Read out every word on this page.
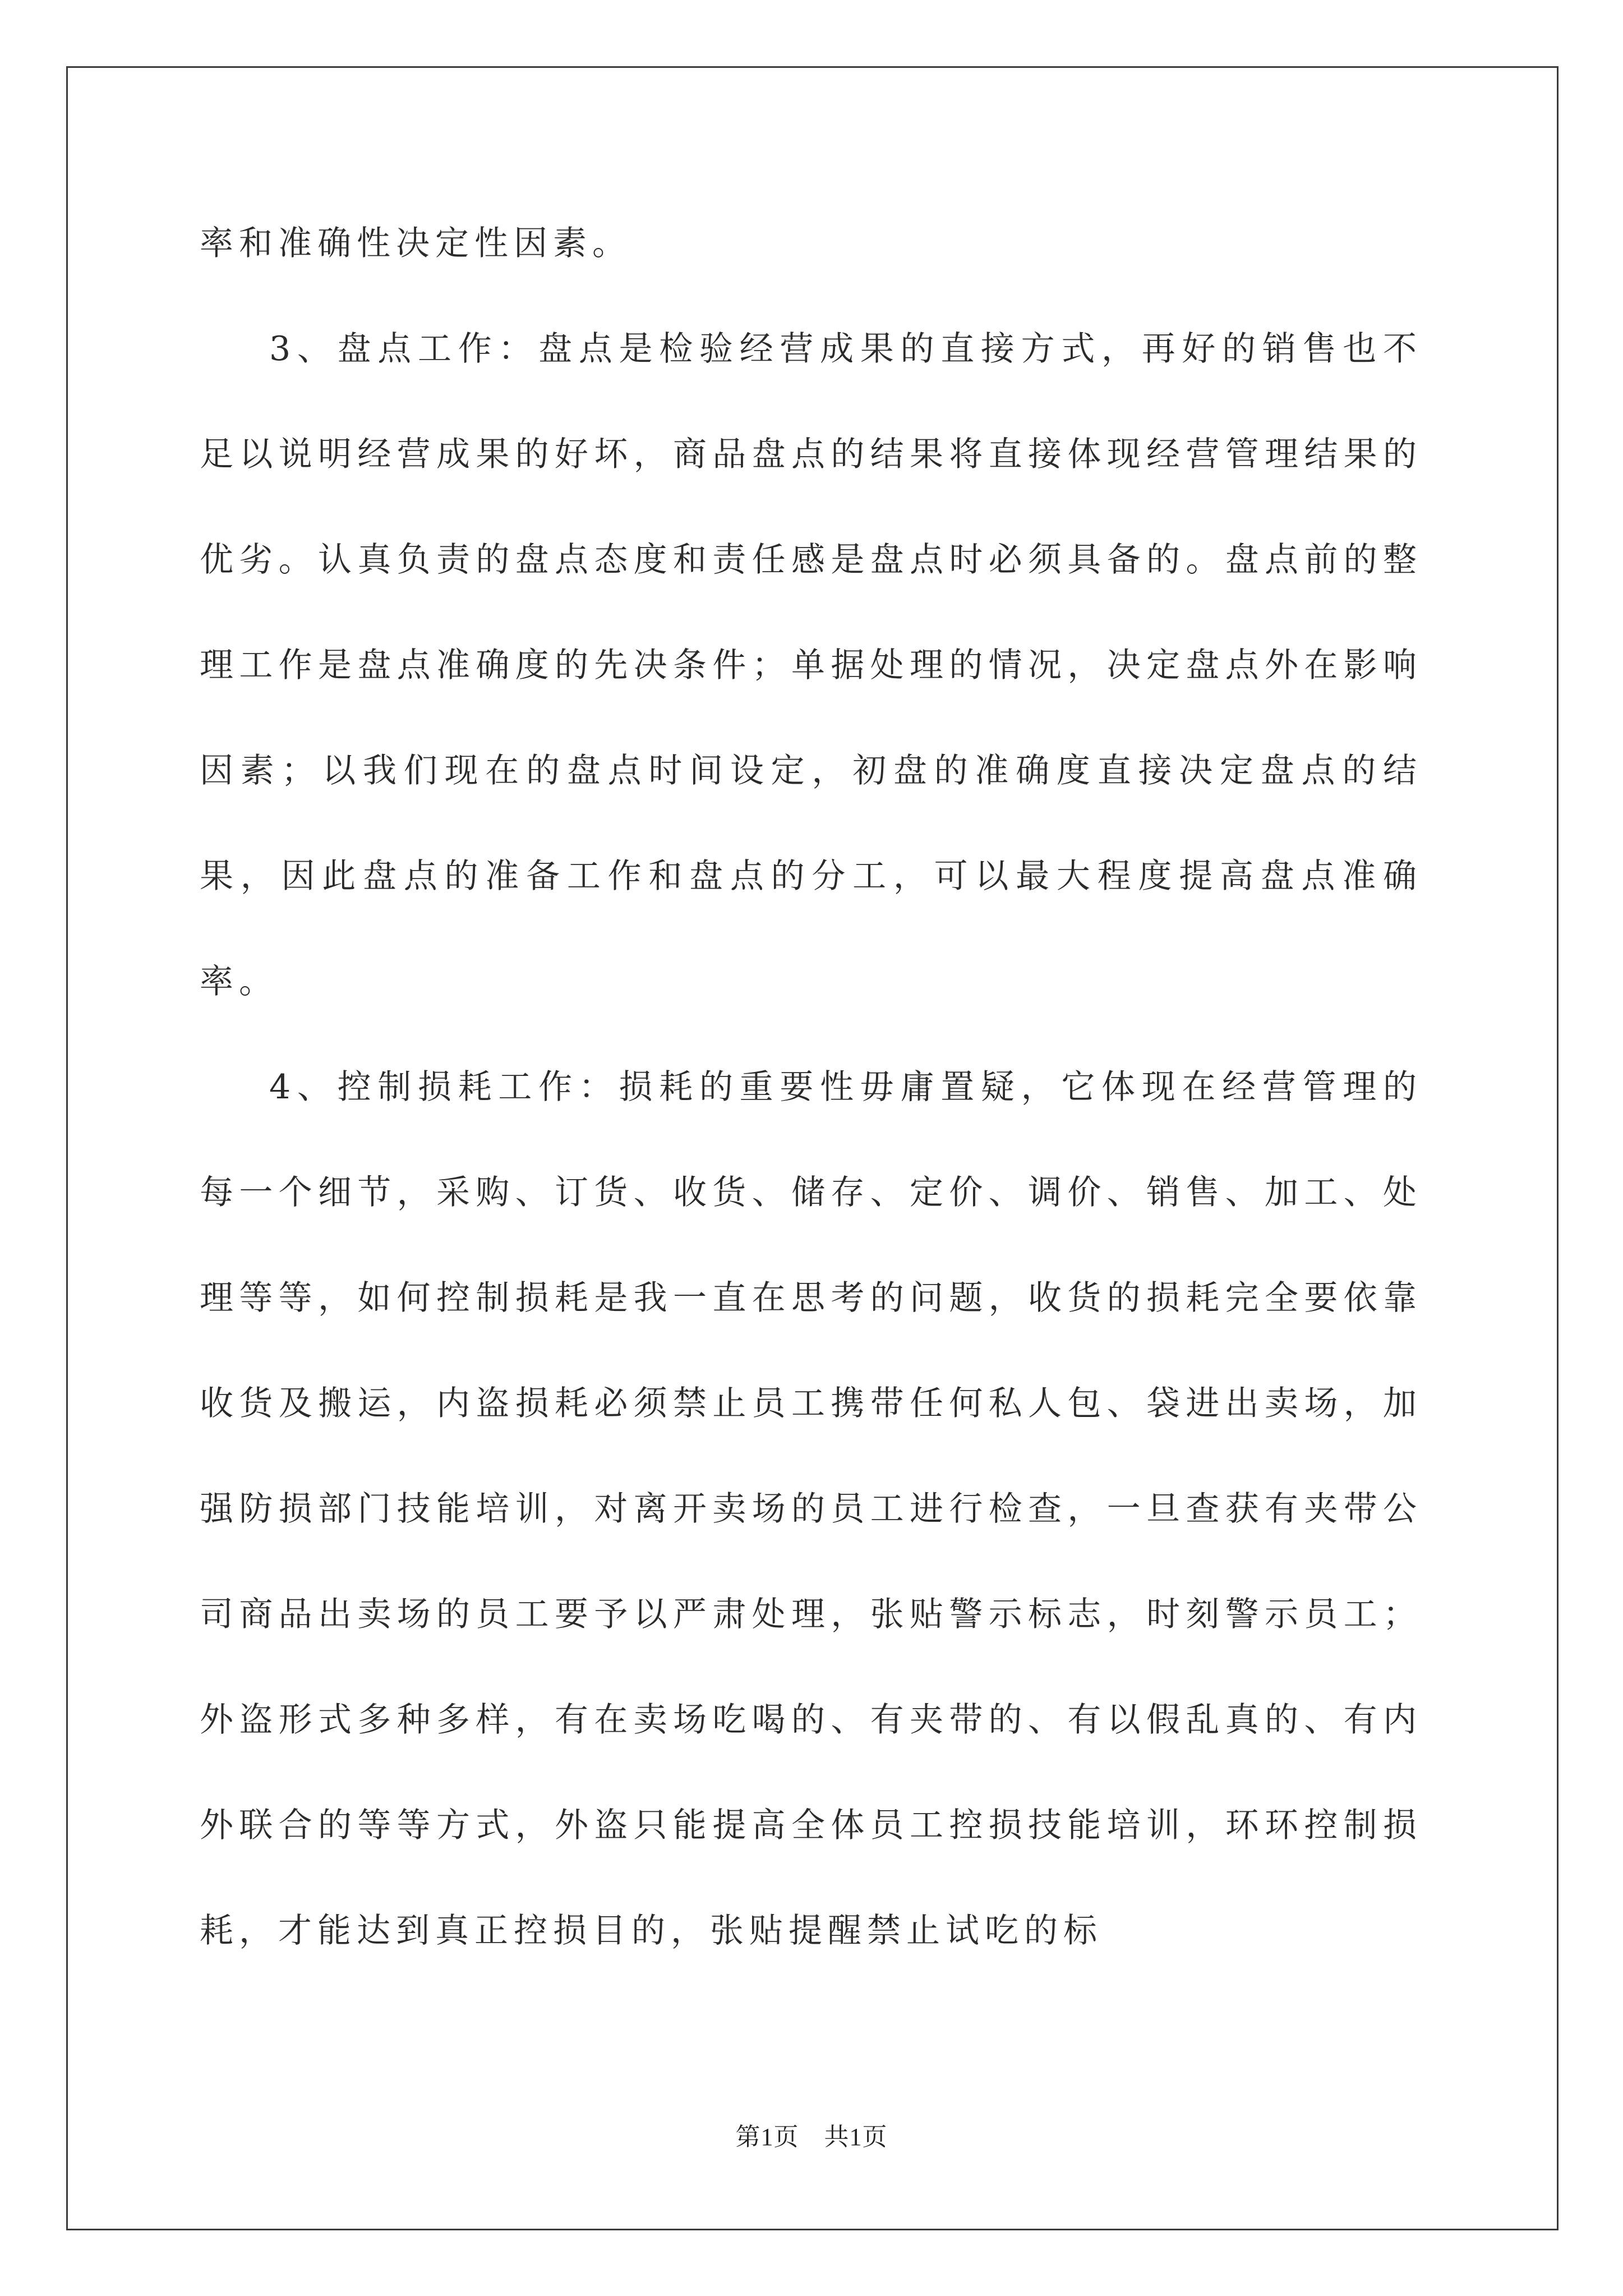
率和准确性决定性因素。

3、盘点工作：盘点是检验经营成果的直接方式，再好的销售也不足以说明经营成果的好坏，商品盘点的结果将直接体现经营管理结果的优劣。认真负责的盘点态度和责任感是盘点时必须具备的。盘点前的整理工作是盘点准确度的先决条件；单据处理的情况，决定盘点外在影响因素；以我们现在的盘点时间设定，初盘的准确度直接决定盘点的结果，因此盘点的准备工作和盘点的分工，可以最大程度提高盘点准确率。

4、控制损耗工作：损耗的重要性毋庸置疑，它体现在经营管理的每一个细节，采购、订货、收货、储存、定价、调价、销售、加工、处理等等，如何控制损耗是我一直在思考的问题，收货的损耗完全要依靠收货及搬运，内盗损耗必须禁止员工携带任何私人包、袋进出卖场，加强防损部门技能培训，对离开卖场的员工进行检查，一旦查获有夹带公司商品出卖场的员工要予以严肃处理，张贴警示标志，时刻警示员工；外盗形式多种多样，有在卖场吃喝的、有夹带的、有以假乱真的、有内外联合的等等方式，外盗只能提高全体员工控损技能培训，环环控制损耗，才能达到真正控损目的，张贴提醒禁止试吃的标

第1页　共1页
